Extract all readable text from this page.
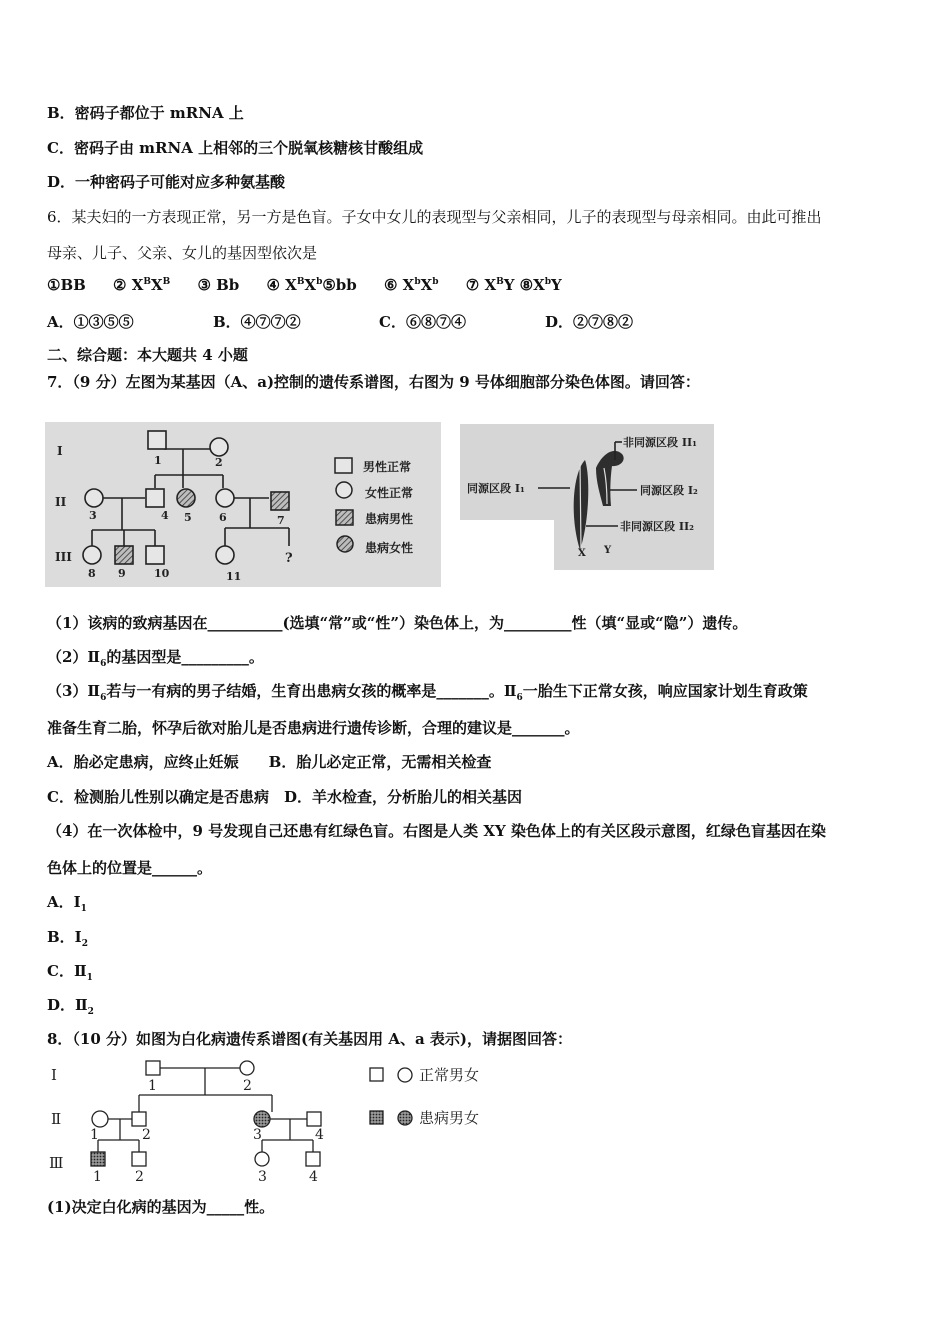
B．密码子都位于 mRNA 上
C．密码子由 mRNA 上相邻的三个脱氧核糖核甘酸组成
D．一种密码子可能对应多种氨基酸
6．某夫妇的一方表现正常，另一方是色盲。子女中女儿的表现型与父亲相同，儿子的表现型与母亲相同。由此可推出
母亲、儿子、父亲、女儿的基因型依次是
①BB ② $X^BX^B$ ③ Bb ④ $X^BX^b⑤bb$ ⑥ $X^bX^b$ ⑦ $X^BY$ $⑧X^bY$
A．①③⑤⑤	B．④⑦⑦②	C．⑥⑧⑦④	D．②⑦⑧②
二、综合题：本大题共 4 小题
7．（9 分）左图为某基因（A、a)控制的遗传系谱图，右图为 9 号体细胞部分染色体图。请回答：
I
II
III
1	2
3	4 5 6	7
8 9	10	11
?
男性正常
女性正常
患病男性
患病女性
非同源区段 II₁
同源区段 I₁	同源区段 I₂
非同源区段 II₂
X Y
（1）该病的致病基因在__________(选填“常”或“性”）染色体上，为_________性（填“显或“隐”）遗传。
$(2)Ⅱ_6$的基因型是_________。
$(3)Ⅱ_6$若与一有病的男子结婚，生育出患病女孩的概率是_______。$Ⅱ_6$一胎生下正常女孩，响应国家计划生育政策
准备生育二胎，怀孕后欲对胎儿是否患病进行遗传诊断，合理的建议是_______。
A．胎必定患病，应终止妊娠　　B．胎儿必定正常，无需相关检查
C．检测胎儿性别以确定是否患病　D．羊水检查，分析胎儿的相关基因
（4）在一次体检中，9 号发现自己还患有红绿色盲。右图是人类 XY 染色体上的有关区段示意图，红绿色盲基因在染
色体上的位置是______。
A．$I_1$
B．$I_2$
C．$Ⅱ_1$
D．$Ⅱ_2$
8．（10 分）如图为白化病遗传系谱图(有关基因用 A、a 表示)，请据图回答：
Ⅰ
Ⅱ
Ⅲ
1	2
1	2	3	4
1 2	3	4
正常男女
患病男女
(1)决定白化病的基因为_____性。
